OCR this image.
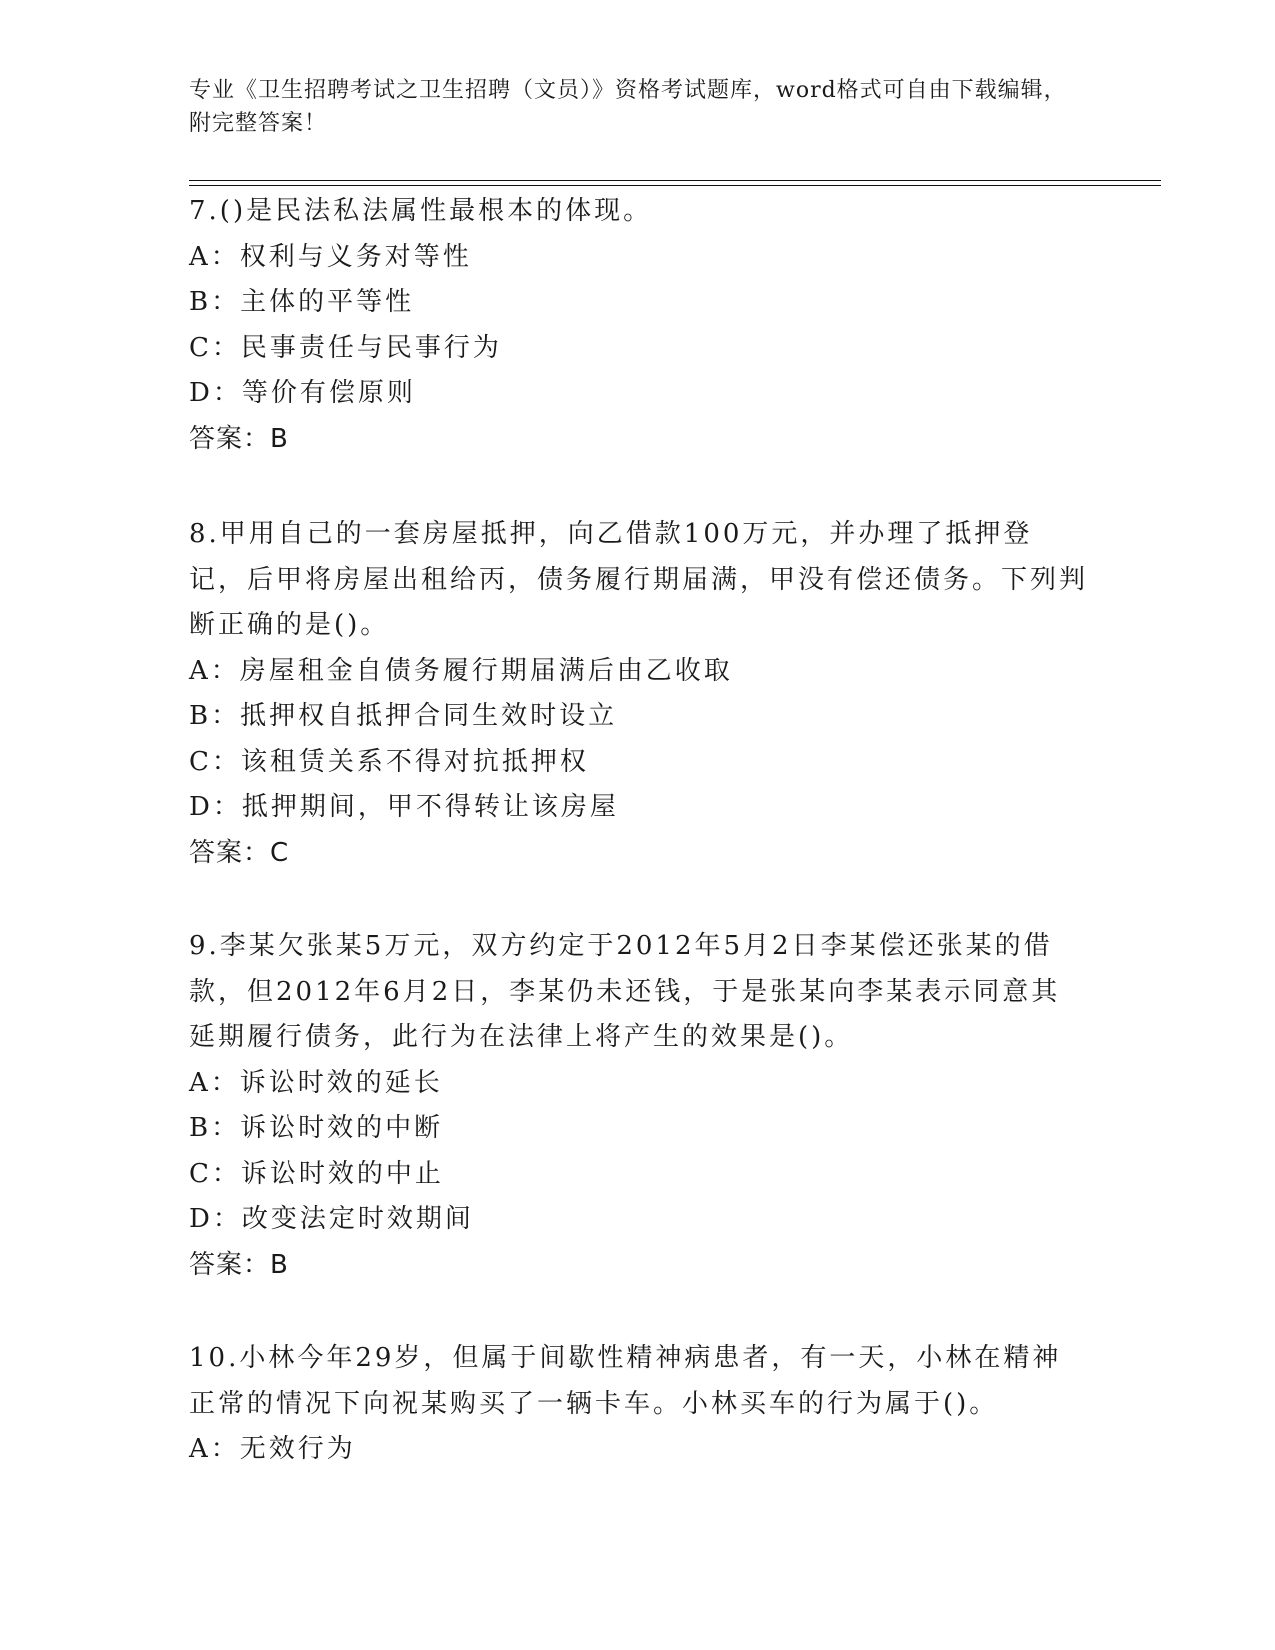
专业《卫生招聘考试之卫生招聘（文员）》资格考试题库，word格式可自由下载编辑，附完整答案！
7.()是民法私法属性最根本的体现。
A：权利与义务对等性
B：主体的平等性
C：民事责任与民事行为
D：等价有偿原则
答案：B
8.甲用自己的一套房屋抵押，向乙借款100万元，并办理了抵押登记，后甲将房屋出租给丙，债务履行期届满，甲没有偿还债务。下列判断正确的是()。
A：房屋租金自债务履行期届满后由乙收取
B：抵押权自抵押合同生效时设立
C：该租赁关系不得对抗抵押权
D：抵押期间，甲不得转让该房屋
答案：C
9.李某欠张某5万元，双方约定于2012年5月2日李某偿还张某的借款，但2012年6月2日，李某仍未还钱，于是张某向李某表示同意其延期履行债务，此行为在法律上将产生的效果是()。
A：诉讼时效的延长
B：诉讼时效的中断
C：诉讼时效的中止
D：改变法定时效期间
答案：B
10.小林今年29岁，但属于间歇性精神病患者，有一天，小林在精神正常的情况下向祝某购买了一辆卡车。小林买车的行为属于()。
A：无效行为
